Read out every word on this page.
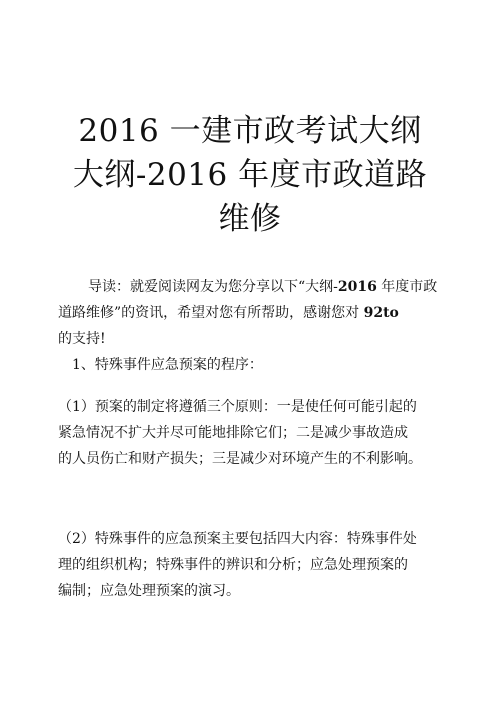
2016 一建市政考试大纲
大纲-2016 年度市政道路
维修

　导读：就爱阅读网友为您分享以下“大纲-2016 年度市政

道路维修”的资讯，希望对您有所帮助，感谢您对 92to

的支持!

　1、特殊事件应急预案的程序：

（1）预案的制定将遵循三个原则：一是使任何可能引起的

紧急情况不扩大并尽可能地排除它们；二是减少事故造成

的人员伤亡和财产损失；三是减少对环境产生的不利影响。

（2）特殊事件的应急预案主要包括四大内容：特殊事件处

理的组织机构；特殊事件的辨识和分析；应急处理预案的

编制；应急处理预案的演习。
